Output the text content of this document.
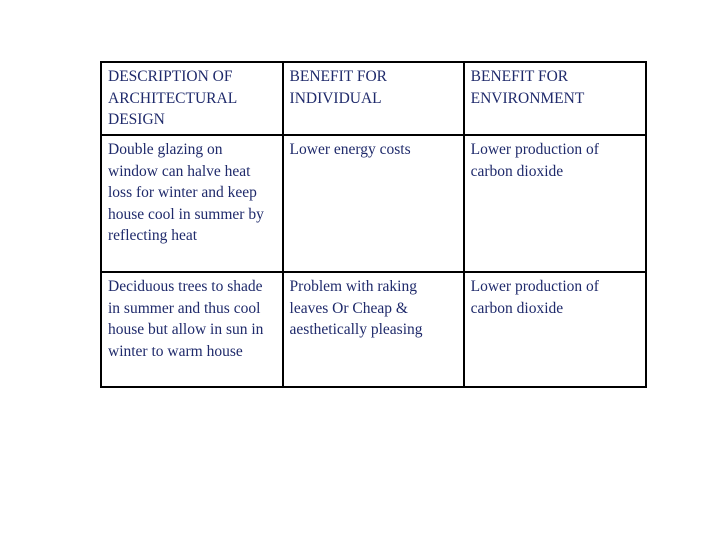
DESCRIPTION OF ARCHITECTURAL DESIGN	BENEFIT FOR INDIVIDUAL	BENEFIT FOR ENVIRONMENT

Double glazing on window can halve heat loss for winter and keep house cool in summer by reflecting heat	Lower energy costs	Lower production of carbon dioxide

Deciduous trees to shade in summer and thus cool house but allow in sun in winter to warm house	Problem with raking leaves Or Cheap & aesthetically pleasing	Lower production of carbon dioxide
